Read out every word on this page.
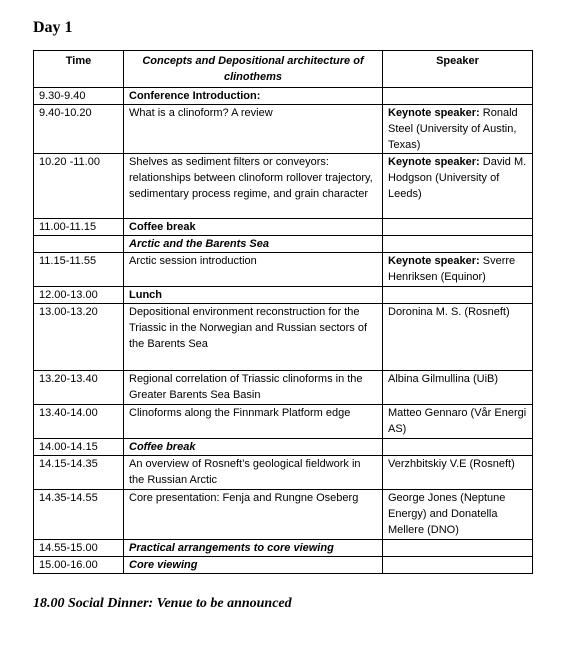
Day 1
Time	Concepts and Depositional architecture of clinothems	Speaker
9.30-9.40	Conference Introduction:	
9.40-10.20	What is a clinoform? A review	Keynote speaker: Ronald Steel (University of Austin, Texas)
10.20 -11.00	Shelves as sediment filters or conveyors: relationships between clinoform rollover trajectory, sedimentary process regime, and grain character	Keynote speaker: David M. Hodgson (University of Leeds)
11.00-11.15	Coffee break	
	Arctic and the Barents Sea	
11.15-11.55	Arctic session introduction	Keynote speaker: Sverre Henriksen (Equinor)
12.00-13.00	Lunch	
13.00-13.20	Depositional environment reconstruction for the Triassic in the Norwegian and Russian sectors of the Barents Sea	Doronina M. S. (Rosneft)
13.20-13.40	Regional correlation of Triassic clinoforms in the Greater Barents Sea Basin	Albina Gilmullina (UiB)
13.40-14.00	Clinoforms along the Finnmark Platform edge	Matteo Gennaro (Vår Energi AS)
14.00-14.15	Coffee break	
14.15-14.35	An overview of Rosneft’s geological fieldwork in the Russian Arctic	Verzhbitskiy V.E (Rosneft)
14.35-14.55	Core presentation: Fenja and Rungne Oseberg	George Jones (Neptune Energy) and Donatella Mellere (DNO)
14.55-15.00	Practical arrangements to core viewing	
15.00-16.00	Core viewing	
18.00 Social Dinner: Venue to be announced
